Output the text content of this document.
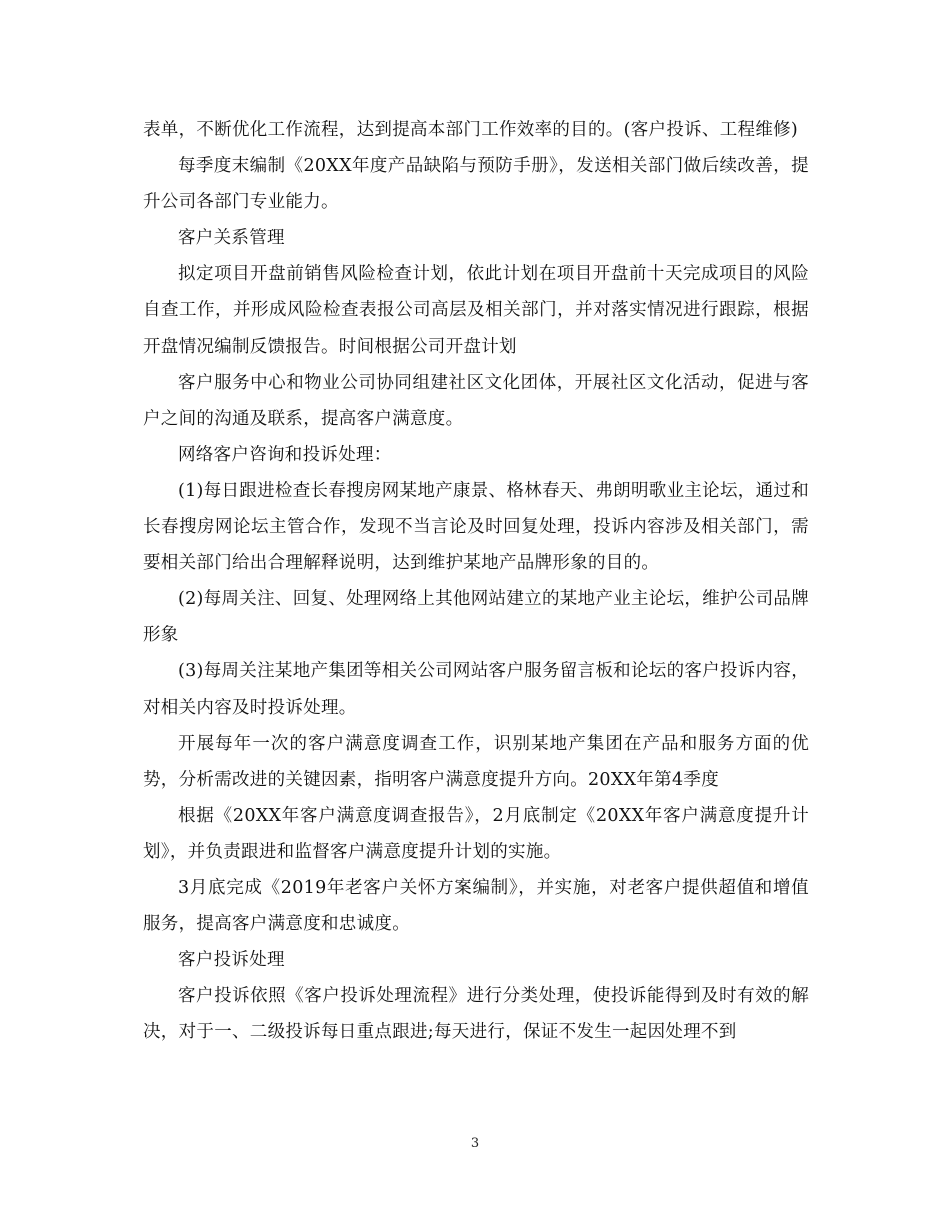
表单，不断优化工作流程，达到提高本部门工作效率的目的。(客户投诉、工程维修)

每季度末编制《20XX年度产品缺陷与预防手册》，发送相关部门做后续改善，提升公司各部门专业能力。

客户关系管理

拟定项目开盘前销售风险检查计划，依此计划在项目开盘前十天完成项目的风险自查工作，并形成风险检查表报公司高层及相关部门，并对落实情况进行跟踪，根据开盘情况编制反馈报告。时间根据公司开盘计划

客户服务中心和物业公司协同组建社区文化团体，开展社区文化活动，促进与客户之间的沟通及联系，提高客户满意度。

网络客户咨询和投诉处理：

(1)每日跟进检查长春搜房网某地产康景、格林春天、弗朗明歌业主论坛，通过和长春搜房网论坛主管合作，发现不当言论及时回复处理，投诉内容涉及相关部门，需要相关部门给出合理解释说明，达到维护某地产品牌形象的目的。

(2)每周关注、回复、处理网络上其他网站建立的某地产业主论坛，维护公司品牌形象

(3)每周关注某地产集团等相关公司网站客户服务留言板和论坛的客户投诉内容，对相关内容及时投诉处理。

开展每年一次的客户满意度调查工作，识别某地产集团在产品和服务方面的优势，分析需改进的关键因素，指明客户满意度提升方向。20XX年第4季度

根据《20XX年客户满意度调查报告》，2月底制定《20XX年客户满意度提升计划》，并负责跟进和监督客户满意度提升计划的实施。

3月底完成《2019年老客户关怀方案编制》，并实施，对老客户提供超值和增值服务，提高客户满意度和忠诚度。

客户投诉处理

客户投诉依照《客户投诉处理流程》进行分类处理，使投诉能得到及时有效的解决，对于一、二级投诉每日重点跟进;每天进行，保证不发生一起因处理不到

3
